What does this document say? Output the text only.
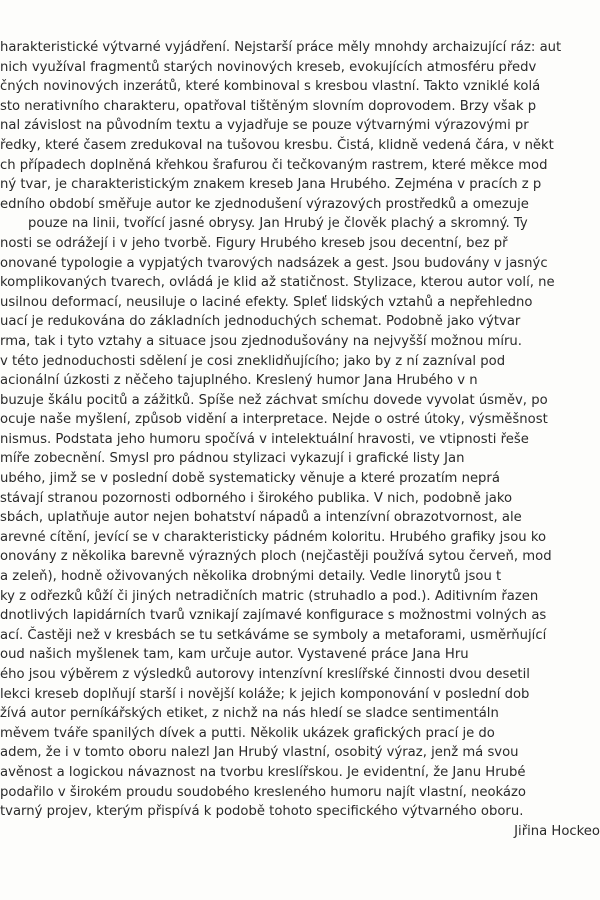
harakteristické výtvarné vyjádření. Nejstarší práce měly mnohdy archaizující ráz: aut
nich využíval fragmentů starých novinových kreseb, evokujících atmosféru předv
čných novinových inzerátů, které kombinoval s kresbou vlastní. Takto vzniklé kolá
sto nerativního charakteru, opatřoval tištěným slovním doprovodem. Brzy však p
nal závislost na původním textu a vyjadřuje se pouze výtvarnými výrazovými pr
ředky, které časem zredukoval na tušovou kresbu. Čistá, klidně vedená čára, v někt
ch případech doplněná křehkou šrafurou či tečkovaným rastrem, které měkce mod
ný tvar, je charakteristickým znakem kreseb Jana Hrubého. Zejména v pracích z p
edního období směřuje autor ke zjednodušení výrazových prostředků a omezuje
pouze na linii, tvořící jasné obrysy. Jan Hrubý je člověk plachý a skromný. Ty
nosti se odrážejí i v jeho tvorbě. Figury Hrubého kreseb jsou decentní, bez př
onované typologie a vypjatých tvarových nadsázek a gest. Jsou budovány v jasnýc
komplikovaných tvarech, ovládá je klid až statičnost. Stylizace, kterou autor volí, ne
usilnou deformací, neusiluje o laciné efekty. Spleť lidských vztahů a nepřehledno
uací je redukována do základních jednoduchých schemat. Podobně jako výtvar
rma, tak i tyto vztahy a situace jsou zjednodušovány na nejvyšší možnou míru.
v této jednoduchosti sdělení je cosi zneklidňujícího; jako by z ní zazníval pod
acionální úzkosti z něčeho tajuplného. Kreslený humor Jana Hrubého v n
buzuje škálu pocitů a zážitků. Spíše než záchvat smíchu dovede vyvolat úsměv, po
ocuje naše myšlení, způsob vidění a interpretace. Nejde o ostré útoky, výsměšnost
nismus. Podstata jeho humoru spočívá v intelektuální hravosti, ve vtipnosti řeše
míře zobecnění. Smysl pro pádnou stylizaci vykazují i grafické listy Jan
ubého, jimž se v poslední době systematicky věnuje a které prozatím neprá
stávají stranou pozornosti odborného i širokého publika. V nich, podobně jako
sbách, uplatňuje autor nejen bohatství nápadů a intenzívní obrazotvornost, ale
arevné cítění, jevící se v charakteristicky pádném koloritu. Hrubého grafiky jsou ko
onovány z několika barevně výrazných ploch (nejčastěji používá sytou červeň, mod
a zeleň), hodně oživovaných několika drobnými detaily. Vedle linorytů jsou t
ky z odřezků kůží či jiných netradičních matric (struhadlo a pod.). Aditivním řazen
dnotlivých lapidárních tvarů vznikají zajímavé konfigurace s možnostmi volných as
ací. Častěji než v kresbách se tu setkáváme se symboly a metaforami, usměrňující
oud našich myšlenek tam, kam určuje autor. Vystavené práce Jana Hru
ého jsou výběrem z výsledků autorovy intenzívní kreslířské činnosti dvou desetil
lekci kreseb doplňují starší i novější koláže; k jejich komponování v poslední dob
žívá autor perníkářských etiket, z nichž na nás hledí se sladce sentimentáln
měvem tváře spanilých dívek a putti. Několik ukázek grafických prací je do
adem, že i v tomto oboru nalezl Jan Hrubý vlastní, osobitý výraz, jenž má svou
avěnost a logickou návaznost na tvorbu kreslířskou. Je evidentní, že Janu Hrubé
podařilo v širokém proudu soudobého kresleného humoru najít vlastní, neokázo
tvarný projev, kterým přispívá k podobě tohoto specifického výtvarného oboru.
Jiřina Hockeo
